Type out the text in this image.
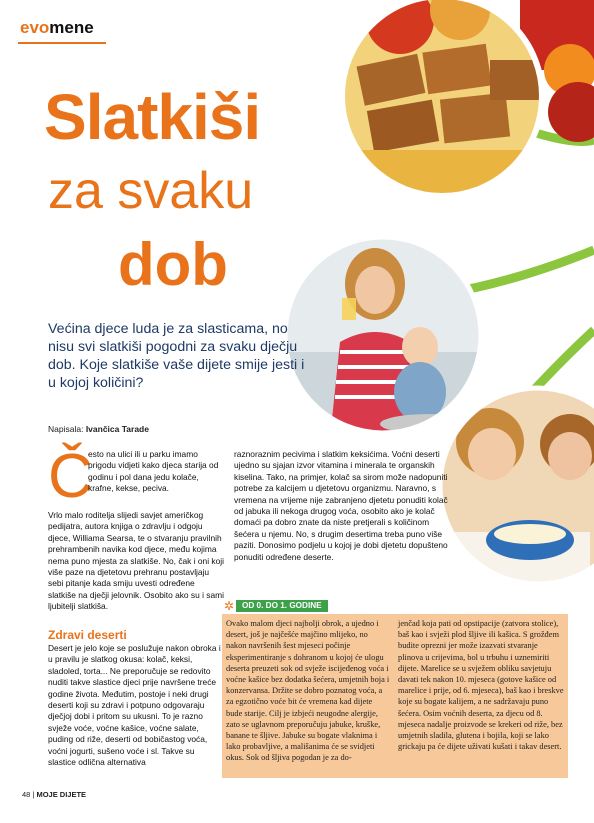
evomene
Slatkiši
za svaku
dob
Većina djece luda je za slasticama, no nisu svi slatkiši pogodni za svaku dječju dob. Koje slatkiše vaše dijete smije jesti i u kojoj količini?
Napisala: Ivančica Tarade
Č
esto na ulici ili u parku imamo prigodu vidjeti kako djeca starija od godinu i pol dana jedu kolače, krafne, kekse, peciva.
Vrlo malo roditelja slijedi savjet američkog pedijatra, autora knjiga o zdravlju i odgoju djece, Williama Searsa, te o stvaranju pravilnih prehrambenih navika kod djece, među kojima nema puno mjesta za slatkiše. No, čak i oni koji više paze na djetetovu prehranu postavljaju sebi pitanje kada smiju uvesti određene slatkiše na dječji jelovnik. Osobito ako su i sami ljubitelji slatkiša.
Zdravi deserti
Desert je jelo koje se poslužuje nakon obroka i u pravilu je slatkog okusa: kolač, keksi, sladoled, torta... Ne preporučuje se redovito nuditi takve slastice djeci prije navršene treće godine života. Međutim, postoje i neki drugi deserti koji su zdravi i potpuno odgovaraju dječjoj dobi i pritom su ukusni. To je razno svježe voće, voćne kašice, voćne salate, puding od riže, deserti od bobičastog voća, voćni jogurti, sušeno voće i sl. Takve su slastice odlična alternativa
raznoraznim pecivima i slatkim keksićima. Voćni deserti ujedno su sjajan izvor vitamina i minerala te organskih kiselina. Tako, na primjer, kolač sa sirom može nadopuniti potrebe za kalcijem u djetetovu organizmu. Naravno, s vremena na vrijeme nije zabranjeno djetetu ponuditi kolač od jabuka ili nekoga drugog voća, osobito ako je kolač domaći pa dobro znate da niste pretjerali s količinom šećera u njemu. No, s drugim desertima treba puno više paziti. Donosimo podjelu u kojoj je dobi djetetu dopušteno ponuditi određene deserte.
✲ OD 0. DO 1. GODINE
Ovako malom djeci najbolji obrok, a ujedno i desert, još je najčešće majčino mlijeko, no nakon navršenih šest mjeseci počinje eksperimentiranje s dohranom u kojoj će ulogu deserta preuzeti sok od svježe iscijeđenog voća i voćne kašice bez dodatka šećera, umjetnih boja i konzervansa. Držite se dobro poznatog voća, a za egzotično voće bit će vremena kad dijete bude starije. Cilj je izbjeći neugodne alergije, zato se uglavnom preporučuju jabuke, kruške, banane te šljive. Jabuke su bogate vlaknima i lako probavljive, a mališanima će se svidjeti okus. Sok od šljiva pogodan je za do-
jenčad koja pati od opstipacije (zatvora stolice), baš kao i svježi plod šljive ili kašica. S grožđem budite oprezni jer može izazvati stvaranje plinova u crijevima, bol u trbuhu i uznemiriti dijete. Marelice se u svježem obliku savjetuju davati tek nakon 10. mjeseca (gotove kašice od marelice i prije, od 6. mjeseca), baš kao i breskve koje su bogate kalijem, a ne sadržavaju puno šećera. Osim voćnih deserta, za djecu od 8. mjeseca nadalje proizvode se krekeri od riže, bez umjetnih sladila, glutena i bojila, koji se lako grickaju pa će dijete uživati kušati i takav desert.
48 | MOJE DIJETE
